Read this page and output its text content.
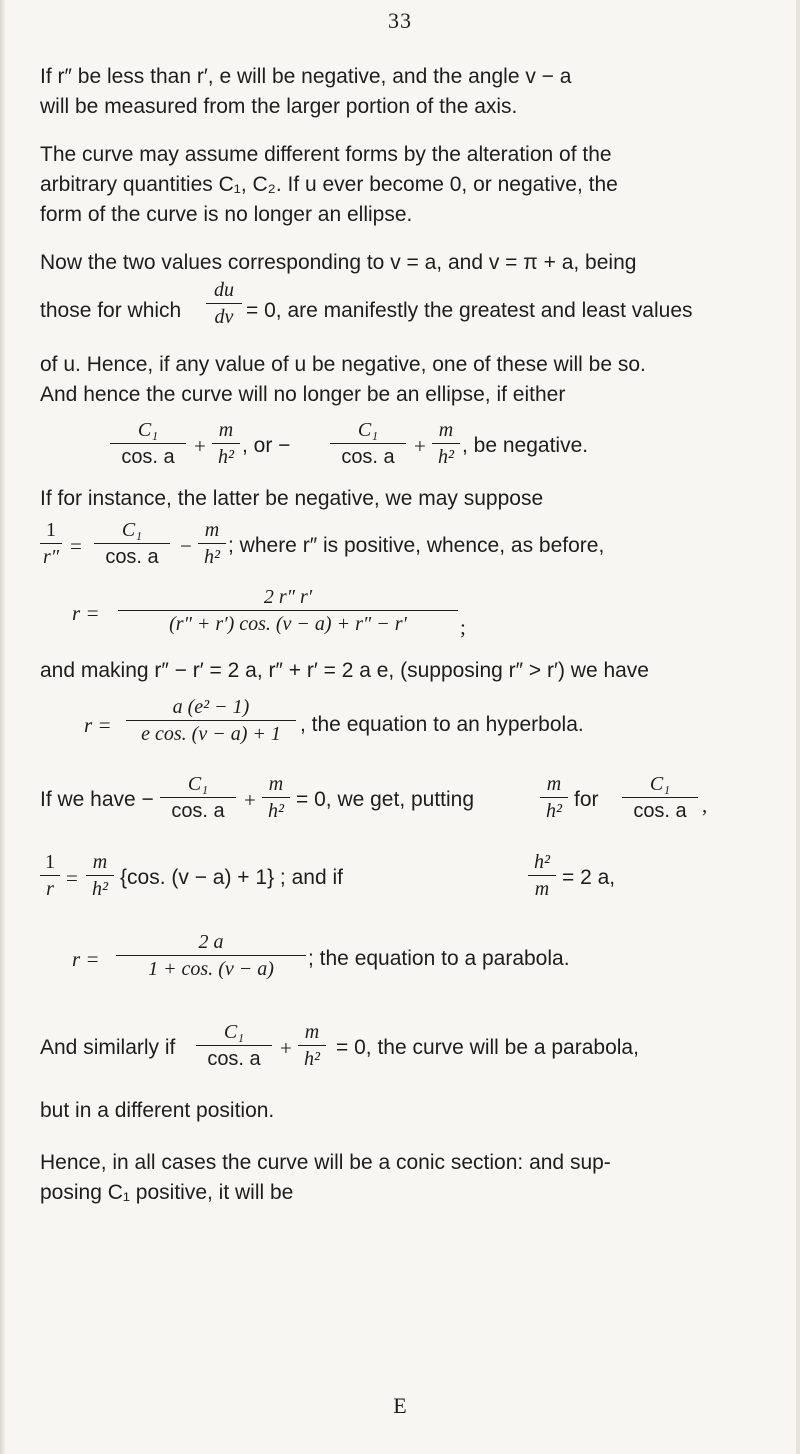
33

If r″ be less than r′, e will be negative, and the angle v − a

will be measured from the larger portion of the axis.

The curve may assume different forms by the alteration of the

arbitrary quantities C₁, C₂. If u ever become 0, or negative, the

form of the curve is no longer an ellipse.

Now the two values corresponding to v = a, and v = π + a, being

those for which

du
dv = 0, are manifestly the greatest and least values

of u. Hence, if any value of u be negative, one of these will be so.

And hence the curve will no longer be an ellipse, if either

C₁
cos. a +
m
h² , or −
C₁
cos. a +
m
h² , be negative.

If for instance, the latter be negative, we may suppose

1
r″ =
C₁
cos. a	−
m
h² ; where r″ is positive, whence, as before,
r =
2 r″ r′
(r″ + r′) cos. (v − a) + r″ − r′	;

and making r″ − r′ = 2 a, r″ + r′ = 2 a e, (supposing r″ > r′) we have

r =
a (e² − 1)
e cos. (v − a) + 1 , the equation to an hyperbola.
If we have −
C₁
cos. a +
m
h² = 0, we get, putting
m
h² for
C₁
cos. a ,
1
r =
m
h² {cos. (v − a) + 1} ; and if
h²
m = 2 a,
r =
2 a
1 + cos. (v − a)	; the equation to a parabola.
And similarly if
C₁
cos. a +
m
h² = 0, the curve will be a parabola,

but in a different position.

Hence, in all cases the curve will be a conic section: and sup-

posing C₁ positive, it will be

E
